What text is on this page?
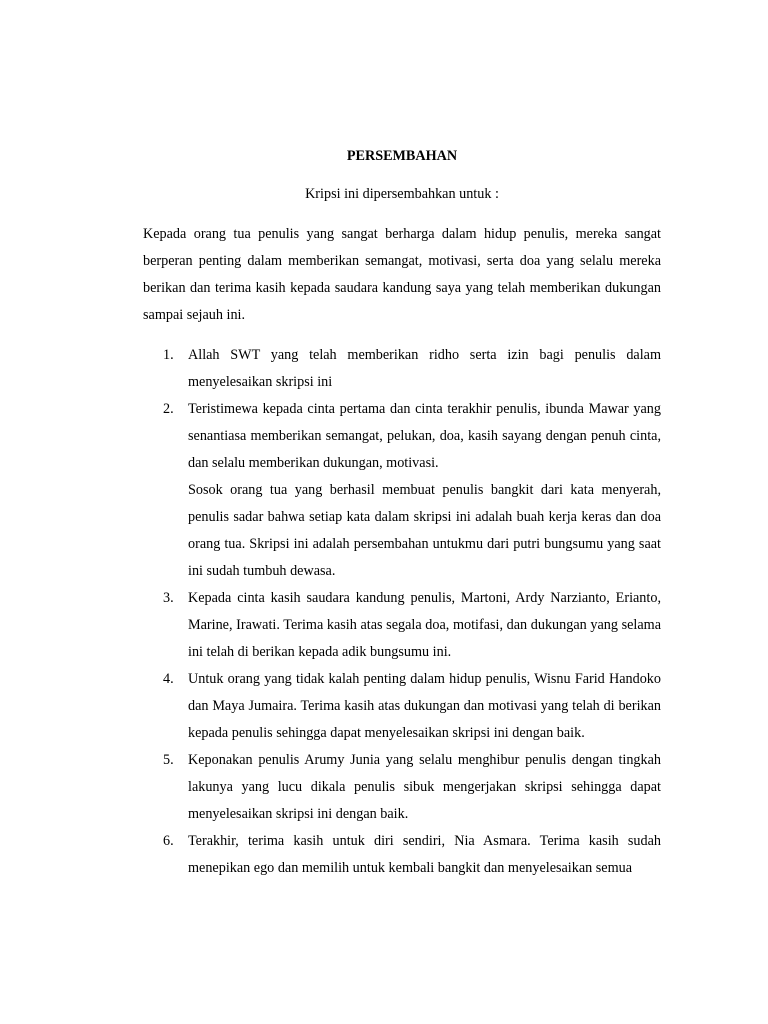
PERSEMBAHAN

Kripsi ini dipersembahkan untuk :

Kepada orang tua penulis yang sangat berharga dalam hidup penulis, mereka sangat berperan penting dalam memberikan semangat, motivasi, serta doa yang selalu mereka berikan dan terima kasih kepada saudara kandung saya yang telah memberikan dukungan sampai sejauh ini.

1. Allah SWT yang telah memberikan ridho serta izin bagi penulis dalam menyelesaikan skripsi ini
2. Teristimewa kepada cinta pertama dan cinta terakhir penulis, ibunda Mawar yang senantiasa memberikan semangat, pelukan, doa, kasih sayang dengan penuh cinta, dan selalu memberikan dukungan, motivasi.
Sosok orang tua yang berhasil membuat penulis bangkit dari kata menyerah, penulis sadar bahwa setiap kata dalam skripsi ini adalah buah kerja keras dan doa orang tua. Skripsi ini adalah persembahan untukmu dari putri bungsumu yang saat ini sudah tumbuh dewasa.
3. Kepada cinta kasih saudara kandung penulis, Martoni, Ardy Narzianto, Erianto, Marine, Irawati. Terima kasih atas segala doa, motifasi, dan dukungan yang selama ini telah di berikan kepada adik bungsumu ini.
4. Untuk orang yang tidak kalah penting dalam hidup penulis, Wisnu Farid Handoko dan Maya Jumaira. Terima kasih atas dukungan dan motivasi yang telah di berikan kepada penulis sehingga dapat menyelesaikan skripsi ini dengan baik.
5. Keponakan penulis Arumy Junia yang selalu menghibur penulis dengan tingkah lakunya yang lucu dikala penulis sibuk mengerjakan skripsi sehingga dapat menyelesaikan skripsi ini dengan baik.
6. Terakhir, terima kasih untuk diri sendiri, Nia Asmara. Terima kasih sudah menepikan ego dan memilih untuk kembali bangkit dan menyelesaikan semua
